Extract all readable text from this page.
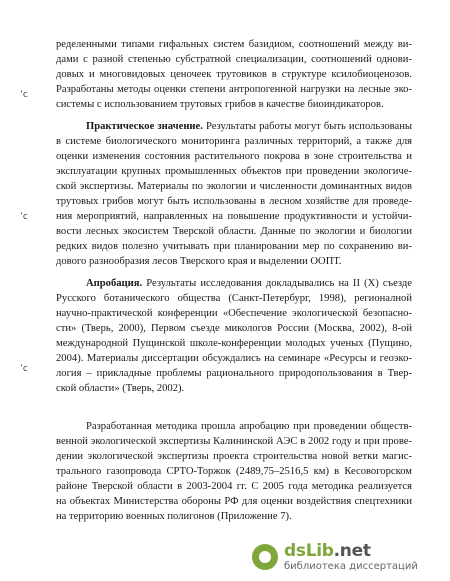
ределенными типами гифальных систем базидиом, соотношений между ви-
дами с разной степенью субстратной специализации, соотношений однови-
довых и многовидовых ценочеек трутовиков в структуре ксилобиоценозов.
Разработаны методы оценки степени антропогенной нагрузки на лесные эко-
системы с использованием трутовых грибов в качестве биоиндикаторов.
Практическое значение. Результаты работы могут быть использованы
в системе биологического мониторинга различных территорий, а также для
оценки изменения состояния растительного покрова в зоне строительства и
эксплуатации крупных промышленных объектов при проведении экологиче-
ской экспертизы. Материалы по экологии и численности доминантных видов
трутовых грибов могут быть использованы в лесном хозяйстве для проведе-
ния мероприятий, направленных на повышение продуктивности и устойчи-
вости лесных экосистем Тверской области. Данные по экологии и биологии
редких видов полезно учитывать при планировании мер по сохранению ви-
дового разнообразия лесов Тверского края и выделении ООПТ.
Апробация. Результаты исследования докладывались на II (X) съезде
Русского ботанического общества (Санкт-Петербург, 1998), регионалной
научно-практической конференции «Обеспечение экологической безопасно-
сти» (Тверь, 2000), Первом съезде микологов России (Москва, 2002), 8-ой
международной Пущинской школе-конференции молодых ученых (Пущино,
2004). Материалы диссертации обсуждались на семинаре «Ресурсы и геоэко-
логия – прикладные проблемы рационального природопользования в Твер-
ской области» (Тверь, 2002).
Разработанная методика прошла апробацию при проведении обществ-
венной экологической экспертизы Калининской АЭС в 2002 году и при прове-
дении экологической экспертизы проекта строительства новой ветки магис-
трального газопровода СРТО-Торжок (2489,75–2516,5 км) в Кесовогорском
районе Тверской области в 2003-2004 гг. С 2005 года методика реализуется
на объектах Министерства обороны РФ для оценки воздействия спецтехники
на территорию военных полигонов (Приложение 7).
ʼc
ʼc
ʼc
dsLib.net
библиотека диссертаций
